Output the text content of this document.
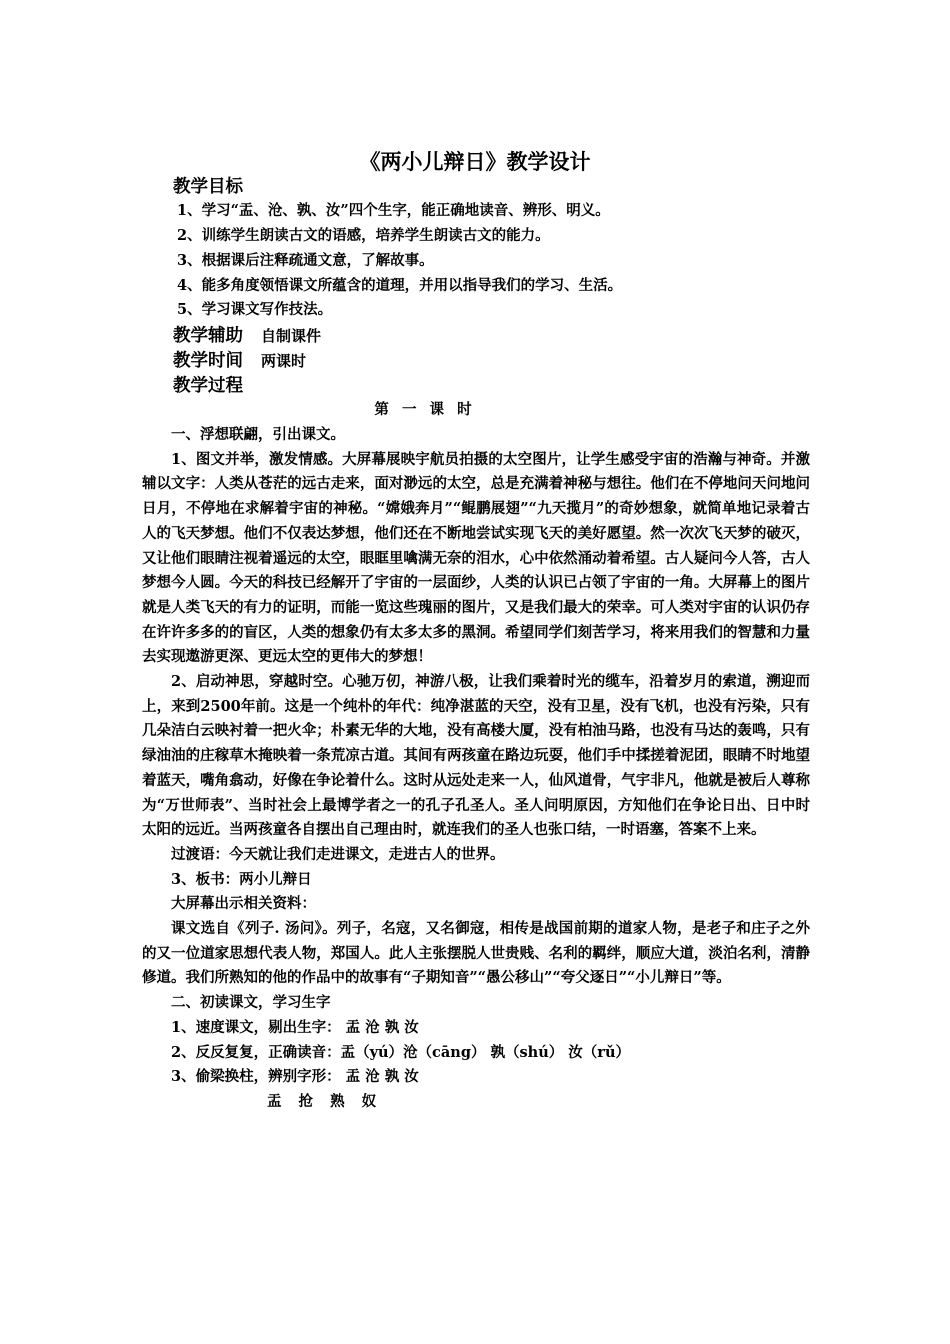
《两小儿辩日》教学设计
教学目标
1、学习“盂、沧、孰、汝”四个生字，能正确地读音、辨形、明义。
2、训练学生朗读古文的语感，培养学生朗读古文的能力。
3、根据课后注释疏通文意，了解故事。
4、能多角度领悟课文所蕴含的道理，并用以指导我们的学习、生活。
5、学习课文写作技法。
教学辅助 自制课件
教学时间 两课时
教学过程
第 一 课 时

一、浮想联翩，引出课文。

1、图文并举，激发情感。大屏幕展映宇航员拍摄的太空图片，让学生感受宇宙的浩瀚与神奇。并激辅以文字：人类从苍茫的远古走来，面对渺远的太空，总是充满着神秘与想往。他们在不停地问天问地问日月，不停地在求解着宇宙的神秘。“嫦娥奔月”“鲲鹏展翅”“九天揽月”的奇妙想象，就简单地记录着古人的飞天梦想。他们不仅表达梦想，他们还在不断地尝试实现飞天的美好愿望。然一次次飞天梦的破灭，又让他们眼睛注视着遥远的太空，眼眶里噙满无奈的泪水，心中依然涌动着希望。古人疑问今人答，古人梦想今人圆。今天的科技已经解开了宇宙的一层面纱，人类的认识已占领了宇宙的一角。大屏幕上的图片就是人类飞天的有力的证明，而能一览这些瑰丽的图片，又是我们最大的荣幸。可人类对宇宙的认识仍存在许许多多的的盲区，人类的想象仍有太多太多的黑洞。希望同学们刻苦学习，将来用我们的智慧和力量去实现遨游更深、更远太空的更伟大的梦想！

2、启动神思，穿越时空。心驰万仞，神游八极，让我们乘着时光的缆车，沿着岁月的索道，溯迎而上，来到2500年前。这是一个纯朴的年代：纯净湛蓝的天空，没有卫星，没有飞机，也没有污染，只有几朵洁白云映衬着一把火伞；朴素无华的大地，没有高楼大厦，没有柏油马路，也没有马达的轰鸣，只有绿油油的庄稼草木掩映着一条荒凉古道。其间有两孩童在路边玩耍，他们手中揉搓着泥团，眼睛不时地望着蓝天，嘴角翕动，好像在争论着什么。这时从远处走来一人，仙风道骨，气宇非凡，他就是被后人尊称为“万世师表”、当时社会上最博学者之一的孔子孔圣人。圣人问明原因，方知他们在争论日出、日中时太阳的远近。当两孩童各自摆出自己理由时，就连我们的圣人也张口结，一时语塞，答案不上来。

过渡语：今天就让我们走进课文，走进古人的世界。

3、板书：两小儿辩日

大屏幕出示相关资料：

课文选自《列子. 汤问》。列子，名寇，又名御寇，相传是战国前期的道家人物，是老子和庄子之外的又一位道家思想代表人物，郑国人。此人主张摆脱人世贵贱、名利的羁绊，顺应大道，淡泊名利，清静修道。我们所熟知的他的作品中的故事有“子期知音”“愚公移山”“夸父逐日”“小儿辩日”等。

二、初读课文，学习生字

1、速度课文，剔出生字： 盂 沧 孰 汝

2、反反复复，正确读音：盂（yú）沧（cāng） 孰（shú） 汝（rǔ）

3、偷梁换柱，辨别字形： 盂 沧 孰 汝

盂 抢 熟 奴
